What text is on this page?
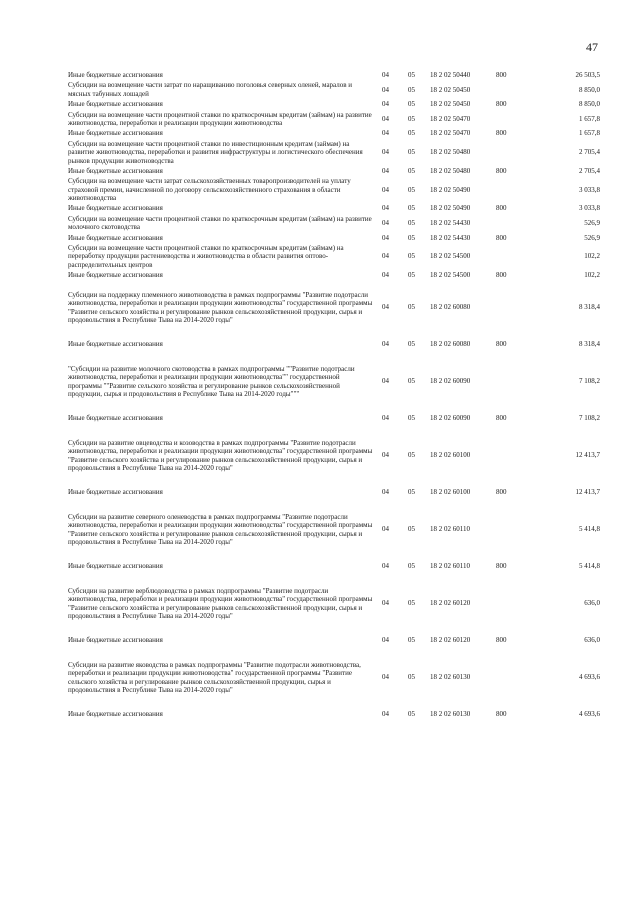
47
Иные бюджетные ассигнования	04	05	18 2 02 50440	800	26 503,5
Субсидии на возмещение части затрат по наращиванию поголовья северных оленей, маралов и мясных табунных лошадей	04	05	18 2 02 50450		8 850,0
Иные бюджетные ассигнования	04	05	18 2 02 50450	800	8 850,0
Субсидии на возмещение части процентной ставки по краткосрочным кредитам (займам) на развитие животноводства, переработки и реализации продукции животноводства	04	05	18 2 02 50470		1 657,8
Иные бюджетные ассигнования	04	05	18 2 02 50470	800	1 657,8
Субсидии на возмещение части процентной ставки по инвестиционным кредитам (займам) на развитие животноводства, переработки и развития инфраструктуры и логистического обеспечения рынков продукции животноводства	04	05	18 2 02 50480		2 705,4
Иные бюджетные ассигнования	04	05	18 2 02 50480	800	2 705,4
Субсидии на возмещение части затрат сельскохозяйственных товаропроизводителей на уплату страховой премии, начисленной по договору сельскохозяйственного страхования в области животноводства	04	05	18 2 02 50490		3 033,8
Иные бюджетные ассигнования	04	05	18 2 02 50490	800	3 033,8
Субсидии на возмещение части процентной ставки по краткосрочным кредитам (займам) на развитие молочного скотоводства	04	05	18 2 02 54430		526,9
Иные бюджетные ассигнования	04	05	18 2 02 54430	800	526,9
Субсидии на возмещение части процентной ставки по краткосрочным кредитам (займам) на переработку продукции растениеводства и животноводства в области развития оптово-распределительных центров	04	05	18 2 02 54500		102,2
Иные бюджетные ассигнования	04	05	18 2 02 54500	800	102,2
Субсидии на поддержку племенного животноводства в рамках подпрограммы "Развитие подотрасли животноводства, переработки и реализации продукции животноводства" государственной программы "Развитие сельского хозяйства и регулирование рынков сельскохозяйственной продукции, сырья и продовольствия в Республике Тыва на 2014-2020 годы"	04	05	18 2 02 60080		8 318,4
Иные бюджетные ассигнования	04	05	18 2 02 60080	800	8 318,4
"Субсидии на развитие молочного скотоводства в рамках подпрограммы ""Развитие подотрасли животноводства, переработки и реализации продукции животноводства"" государственной программы ""Развитие сельского хозяйства и регулирование рынков сельскохозяйственной продукции, сырья и продовольствия в Республике Тыва на 2014-2020 годы"""	04	05	18 2 02 60090		7 108,2
Иные бюджетные ассигнования	04	05	18 2 02 60090	800	7 108,2
Субсидии на развитие овцеводства и козоводства в рамках подпрограммы "Развитие подотрасли животноводства, переработки и реализации продукции животноводства" государственной программы "Развитие сельского хозяйства и регулирование рынков сельскохозяйственной продукции, сырья и продовольствия в Республике Тыва на 2014-2020 годы"	04	05	18 2 02 60100		12 413,7
Иные бюджетные ассигнования	04	05	18 2 02 60100	800	12 413,7
Субсидии на развитие северного оленеводства в рамках подпрограммы "Развитие подотрасли животноводства, переработки и реализации продукции животноводства" государственной программы "Развитие сельского хозяйства и регулирование рынков сельскохозяйственной продукции, сырья и продовольствия в Республике Тыва на 2014-2020 годы"	04	05	18 2 02 60110		5 414,8
Иные бюджетные ассигнования	04	05	18 2 02 60110	800	5 414,8
Субсидии на развитие верблюдоводства в рамках подпрограммы "Развитие подотрасли животноводства, переработки и реализации продукции животноводства" государственной программы "Развитие сельского хозяйства и регулирование рынков сельскохозяйственной продукции, сырья и продовольствия в Республике Тыва на 2014-2020 годы"	04	05	18 2 02 60120		636,0
Иные бюджетные ассигнования	04	05	18 2 02 60120	800	636,0
Субсидии на развитие яководства в рамках подпрограммы "Развитие подотрасли животноводства, переработки и реализации продукции животноводства" государственной программы "Развитие сельского хозяйства и регулирование рынков сельскохозяйственной продукции, сырья и продовольствия в Республике Тыва на 2014-2020 годы"	04	05	18 2 02 60130		4 693,6
Иные бюджетные ассигнования	04	05	18 2 02 60130	800	4 693,6
